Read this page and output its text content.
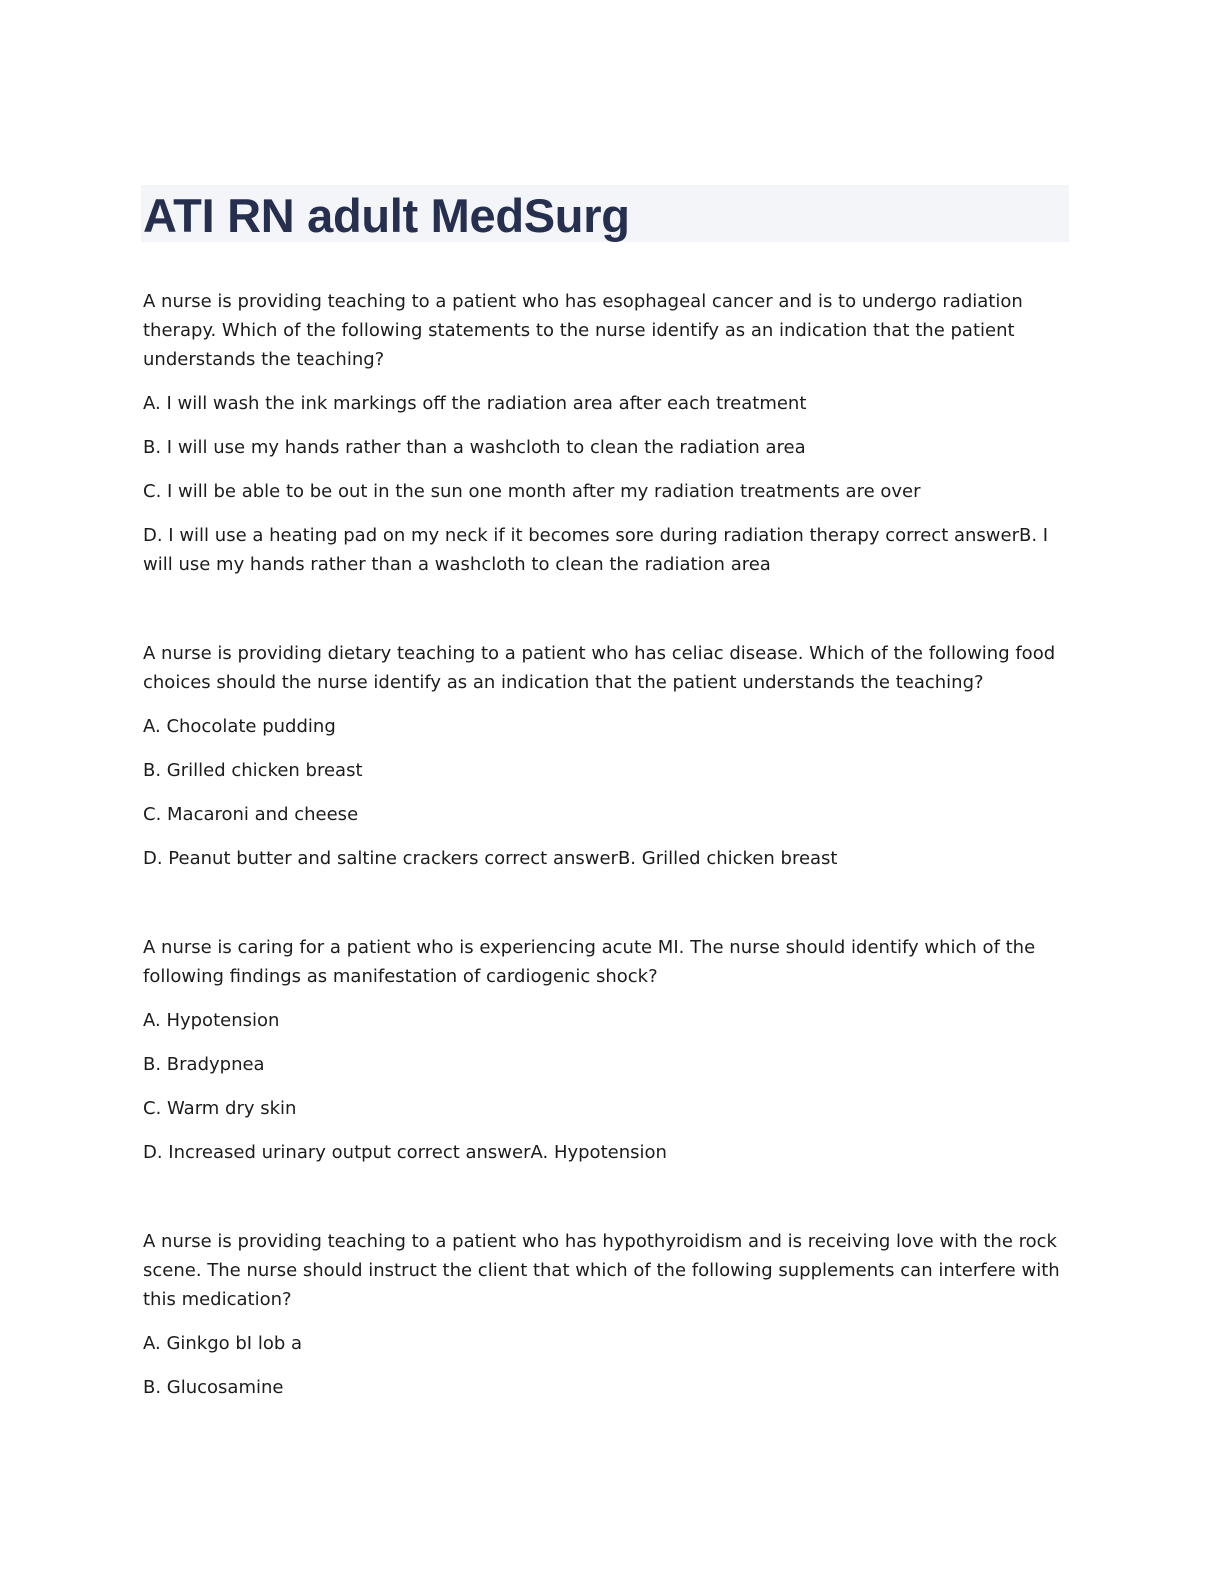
ATI RN adult MedSurg

A nurse is providing teaching to a patient who has esophageal cancer and is to undergo radiation therapy. Which of the following statements to the nurse identify as an indication that the patient understands the teaching?

A. I will wash the ink markings off the radiation area after each treatment

B. I will use my hands rather than a washcloth to clean the radiation area

C. I will be able to be out in the sun one month after my radiation treatments are over

D. I will use a heating pad on my neck if it becomes sore during radiation therapy correct answerB. I will use my hands rather than a washcloth to clean the radiation area

A nurse is providing dietary teaching to a patient who has celiac disease. Which of the following food choices should the nurse identify as an indication that the patient understands the teaching?

A. Chocolate pudding

B. Grilled chicken breast

C. Macaroni and cheese

D. Peanut butter and saltine crackers correct answerB. Grilled chicken breast

A nurse is caring for a patient who is experiencing acute MI. The nurse should identify which of the following findings as manifestation of cardiogenic shock?

A. Hypotension

B. Bradypnea

C. Warm dry skin

D. Increased urinary output correct answerA. Hypotension

A nurse is providing teaching to a patient who has hypothyroidism and is receiving love with the rock scene. The nurse should instruct the client that which of the following supplements can interfere with this medication?

A. Ginkgo bI lob a

B. Glucosamine
